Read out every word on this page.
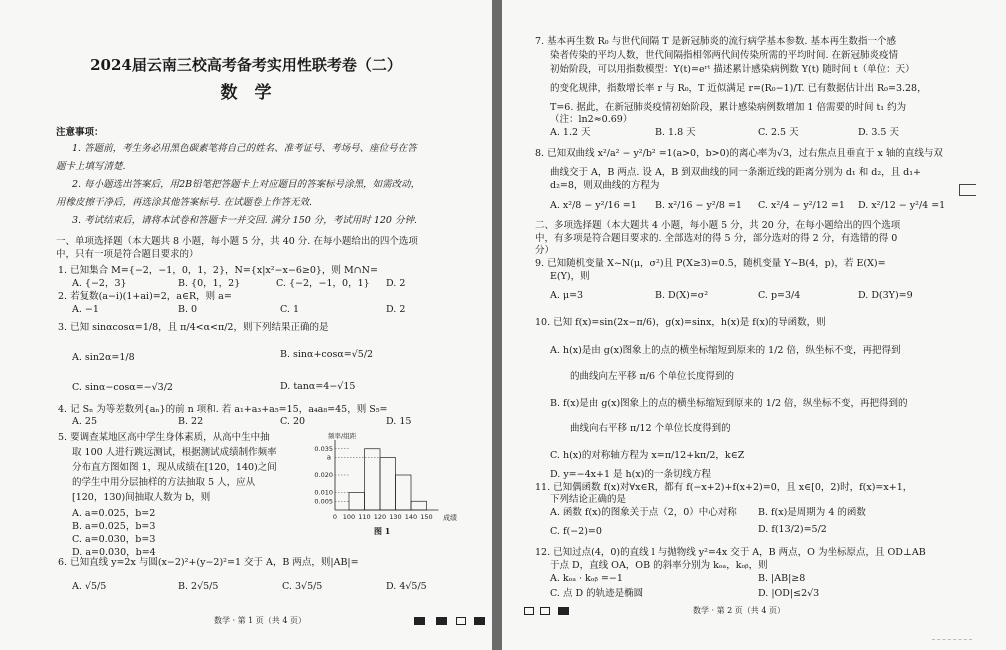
2024届云南三校高考备考实用性联考卷（二）
数　学
注意事项：
1. 答题前，考生务必用黑色碳素笔将自己的姓名、准考证号、考场号、座位号在答
题卡上填写清楚.
2. 每小题选出答案后，用2B铅笔把答题卡上对应题目的答案标号涂黑，如需改动，
用橡皮擦干净后，再选涂其他答案标号. 在试题卷上作答无效.
3. 考试结束后，请将本试卷和答题卡一并交回. 满分 150 分，考试用时 120 分钟.
一、单项选择题（本大题共 8 小题，每小题 5 分，共 40 分. 在每小题给出的四个选项
中，只有一项是符合题目要求的）
1. 已知集合 M={−2，−1，0，1，2}，N={x|x²−x−6≥0}，则 M∩N=
A. {−2，3}	B. {0，1，2}	C. {−2，−1，0，1} D. 2
2. 若复数(a−i)(1+ai)=2，a∈R，则 a=
A. −1	B. 0	C. 1	D. 2
3. 已知 sinαcosα=1/8，且 π/4<α<π/2，则下列结果正确的是
A. sin2α=1/8	B. sinα+cosα=√5/2
C. sinα−cosα=−√3/2	D. tanα=4−√15
4. 记 Sₙ 为等差数列{aₙ}的前 n 项和. 若 a₁+a₃+a₅=15，a₄a₈=45，则 S₅=
A. 25	B. 22	C. 20	D. 15
5. 要调查某地区高中学生身体素质，从高中生中抽
取 100 人进行跳远测试，根据测试成绩制作频率
分布直方图如图 1，现从成绩在[120，140)之间
的学生中用分层抽样的方法抽取 5 人，应从
[120，130)间抽取人数为 b，则
A. a=0.025，b=2
B. a=0.025，b=3
C. a=0.030，b=3
D. a=0.030，b=4
频率/组距
成绩
0.005
0.010
0.020
0.035
a
0 100 110 120 130 140 150
图 1
6. 已知直线 y=2x 与圆(x−2)²+(y−2)²=1 交于 A，B 两点，则|AB|=
A. √5/5	B. 2√5/5	C. 3√5/5	D. 4√5/5
数学 · 第 1 页（共 4 页）
7. 基本再生数 R₀ 与世代间隔 T 是新冠肺炎的流行病学基本参数. 基本再生数指一个感
染者传染的平均人数，世代间隔指相邻两代间传染所需的平均时间. 在新冠肺炎疫情
初始阶段，可以用指数模型：Y(t)=eʳᵗ 描述累计感染病例数 Y(t) 随时间 t（单位：天）
的变化规律，指数增长率 r 与 R₀，T 近似满足 r=(R₀−1)/T. 已有数据估计出 R₀=3.28，
T=6. 据此，在新冠肺炎疫情初始阶段，累计感染病例数增加 1 倍需要的时间 t₁ 约为
（注：ln2≈0.69）
A. 1.2 天	B. 1.8 天	C. 2.5 天	D. 3.5 天
8. 已知双曲线 x²/a² − y²/b² =1(a>0，b>0)的离心率为√3，过右焦点且垂直于 x 轴的直线与双
曲线交于 A，B 两点. 设 A，B 到双曲线的同一条渐近线的距离分别为 d₁ 和 d₂，且 d₁+
d₂=8，则双曲线的方程为
A. x²/8 − y²/16 =1 B. x²/16 − y²/8 =1 C. x²/4 − y²/12 =1 D. x²/12 − y²/4 =1
二、多项选择题（本大题共 4 小题，每小题 5 分，共 20 分，在每小题给出的四个选项
中，有多项是符合题目要求的. 全部选对的得 5 分，部分选对的得 2 分，有选错的得 0
分）
9. 已知随机变量 X~N(μ，σ²)且 P(X≥3)=0.5，随机变量 Y~B(4，p)，若 E(X)=
E(Y)，则
A. μ=3	B. D(X)=σ²	C. p=3/4	D. D(3Y)=9
10. 已知 f(x)=sin(2x−π/6)，g(x)=sinx，h(x)是 f(x)的导函数，则
A. h(x)是由 g(x)图象上的点的横坐标缩短到原来的 1/2 倍，纵坐标不变，再把得到
的曲线向左平移 π/6 个单位长度得到的
B. f(x)是由 g(x)图象上的点的横坐标缩短到原来的 1/2 倍，纵坐标不变，再把得到的
曲线向右平移 π/12 个单位长度得到的
C. h(x)的对称轴方程为 x=π/12+kπ/2，k∈Z
D. y=−4x+1 是 h(x)的一条切线方程
11. 已知偶函数 f(x)对∀x∈R，都有 f(−x+2)+f(x+2)=0，且 x∈[0，2)时，f(x)=x+1，
下列结论正确的是
A. 函数 f(x)的图象关于点（2，0）中心对称 B. f(x)是周期为 4 的函数
C. f(−2)=0	D. f(13/2)=5/2
12. 已知过点(4，0)的直线 l 与抛物线 y²=4x 交于 A，B 两点，O 为坐标原点，且 OD⊥AB
于点 D，直线 OA，OB 的斜率分别为 kₒₐ，kₒᵦ，则
A. kₒₐ · kₒᵦ =−1	B. |AB|≥8
C. 点 D 的轨迹是椭圆	D. |OD|≤2√3
数学 · 第 2 页（共 4 页）
